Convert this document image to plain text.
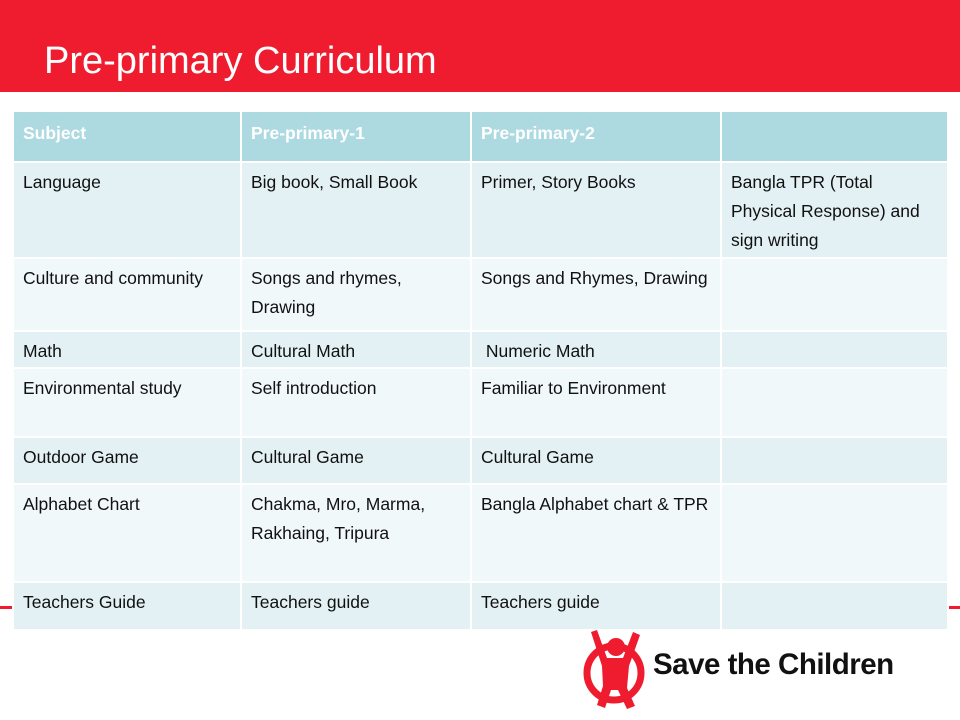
Pre-primary Curriculum
Subject	Pre-primary-1	Pre-primary-2	
Language	Big book, Small Book	Primer, Story Books	Bangla TPR (Total Physical Response) and sign writing
Culture and community	Songs and rhymes, Drawing	Songs and Rhymes, Drawing	
Math	Cultural Math	Numeric Math	
Environmental study	Self introduction	Familiar to Environment	
Outdoor Game	Cultural Game	Cultural Game	
Alphabet Chart	Chakma, Mro, Marma, Rakhaing, Tripura	Bangla Alphabet chart & TPR	
Teachers Guide	Teachers guide	Teachers guide	
Save the Children
